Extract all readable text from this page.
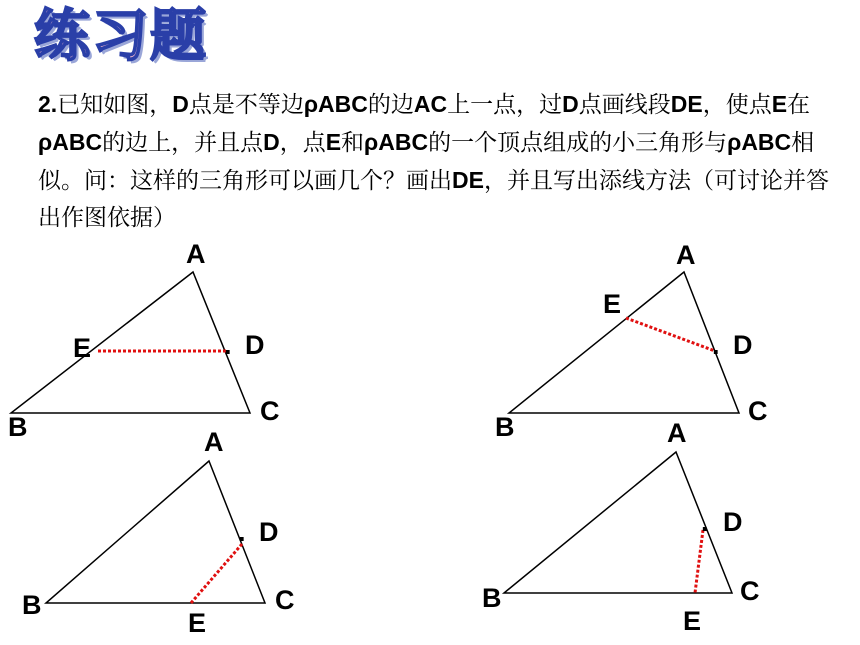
练习题

2.已知如图，D点是不等边ρABC的边AC上一点，过D点画线段DE，使点E在ρABC的边上，并且点D，点E和ρABC的一个顶点组成的小三角形与ρABC相似。问：这样的三角形可以画几个？画出DE，并且写出添线方法（可讨论并答出作图依据）

A
B
C
. D
E
A
B
C
. D
E
A
B	C
. D
E
A
B	C
. D
E
